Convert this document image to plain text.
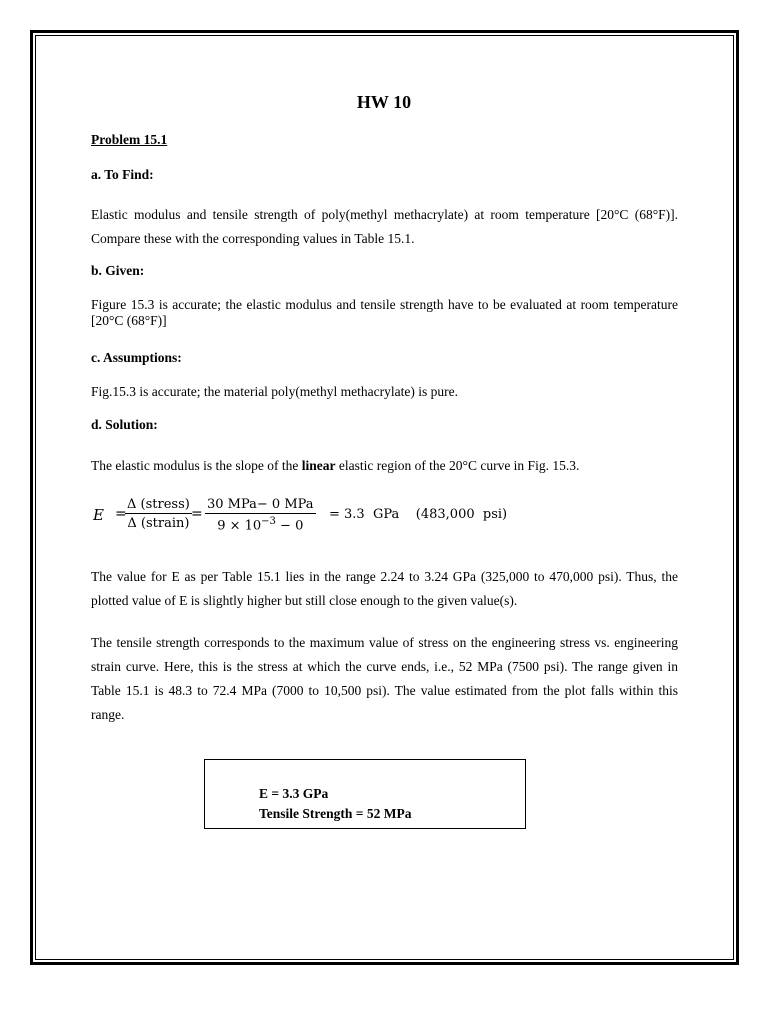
HW 10
Problem 15.1
a. To Find:
Elastic modulus and tensile strength of poly(methyl methacrylate) at room temperature [20°C (68°F)]. Compare these with the corresponding values in Table 15.1.
b. Given:
Figure 15.3 is accurate; the elastic modulus and tensile strength have to be evaluated at room temperature [20°C (68°F)]
c. Assumptions:
Fig.15.3 is accurate; the material poly(methyl methacrylate) is pure.
d. Solution:
The elastic modulus is the slope of the linear elastic region of the 20°C curve in Fig. 15.3.
E =
Δ (stress)
Δ (strain)
=
30 MPa− 0 MPa
$9 \times 10^{-3} - 0$
= 3.3  GPa    (483,000  psi)
The value for E as per Table 15.1 lies in the range 2.24 to 3.24 GPa (325,000 to 470,000 psi). Thus, the plotted value of E is slightly higher but still close enough to the given value(s).
The tensile strength corresponds to the maximum value of stress on the engineering stress vs. engineering strain curve. Here, this is the stress at which the curve ends, i.e., 52 MPa (7500 psi). The range given in Table 15.1 is 48.3 to 72.4 MPa (7000 to 10,500 psi). The value estimated from the plot falls within this range.
E = 3.3 GPa
Tensile Strength = 52 MPa
